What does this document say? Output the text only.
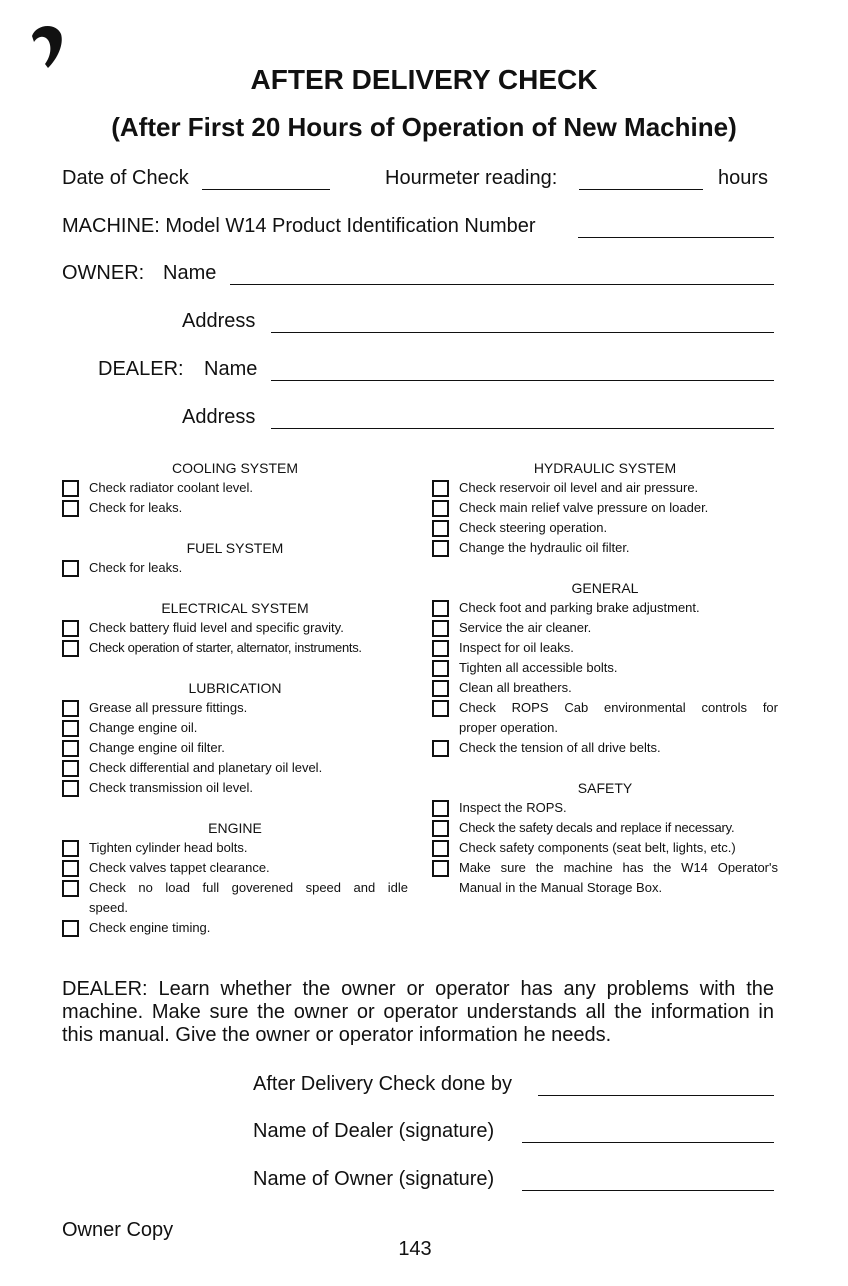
AFTER DELIVERY CHECK
(After First 20 Hours of Operation of New Machine)
Date of Check	Hourmeter reading:	hours
MACHINE: Model W14 Product Identification Number
OWNER: Name
Address
DEALER: Name
Address
COOLING SYSTEM
Check radiator coolant level.
Check for leaks.
FUEL SYSTEM
Check for leaks.
ELECTRICAL SYSTEM
Check battery fluid level and specific gravity.
Check operation of starter, alternator, instruments.
LUBRICATION
Grease all pressure fittings.
Change engine oil.
Change engine oil filter.
Check differential and planetary oil level.
Check transmission oil level.
ENGINE
Tighten cylinder head bolts.
Check valves tappet clearance.
Check no load full goverened speed and idle
speed.
Check engine timing.
HYDRAULIC SYSTEM
Check reservoir oil level and air pressure.
Check main relief valve pressure on loader.
Check steering operation.
Change the hydraulic oil filter.
GENERAL
Check foot and parking brake adjustment.
Service the air cleaner.
Inspect for oil leaks.
Tighten all accessible bolts.
Clean all breathers.
Check ROPS Cab environmental controls for
proper operation.
Check the tension of all drive belts.
SAFETY
Inspect the ROPS.
Check the safety decals and replace if necessary.
Check safety components (seat belt, lights, etc.)
Make sure the machine has the W14 Operator's
Manual in the Manual Storage Box.
DEALER: Learn whether the owner or operator has any problems with the machine. Make sure the owner or operator understands all the information in this manual. Give the owner or operator information he needs.
After Delivery Check done by
Name of Dealer (signature)
Name of Owner (signature)
Owner Copy
143
